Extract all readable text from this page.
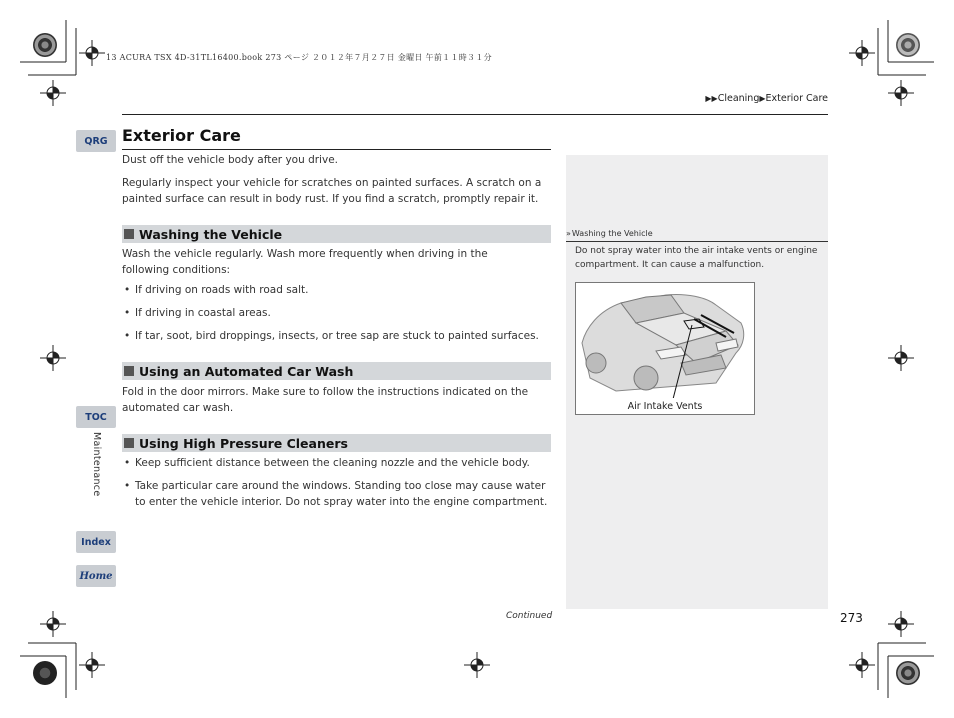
13 ACURA TSX 4D-31TL16400.book 273 ページ ２０１２年７月２７日 金曜日 午前１１時３１分
▶▶Cleaning▶Exterior Care
QRG
TOC
Maintenance
Index
Home
Exterior Care
Dust off the vehicle body after you drive.
Regularly inspect your vehicle for scratches on painted surfaces. A scratch on a painted surface can result in body rust. If you find a scratch, promptly repair it.
Washing the Vehicle
Wash the vehicle regularly. Wash more frequently when driving in the following conditions:
• If driving on roads with road salt.
• If driving in coastal areas.
• If tar, soot, bird droppings, insects, or tree sap are stuck to painted surfaces.
Using an Automated Car Wash
Fold in the door mirrors. Make sure to follow the instructions indicated on the automated car wash.
Using High Pressure Cleaners
• Keep sufficient distance between the cleaning nozzle and the vehicle body.
• Take particular care around the windows. Standing too close may cause water to enter the vehicle interior. Do not spray water into the engine compartment.
»Washing the Vehicle
Do not spray water into the air intake vents or engine compartment. It can cause a malfunction.
Air Intake Vents
Continued	273
